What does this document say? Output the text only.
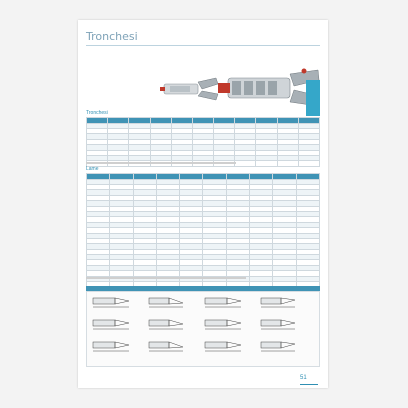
Tronchesi
Tronchesi

Lame

51
